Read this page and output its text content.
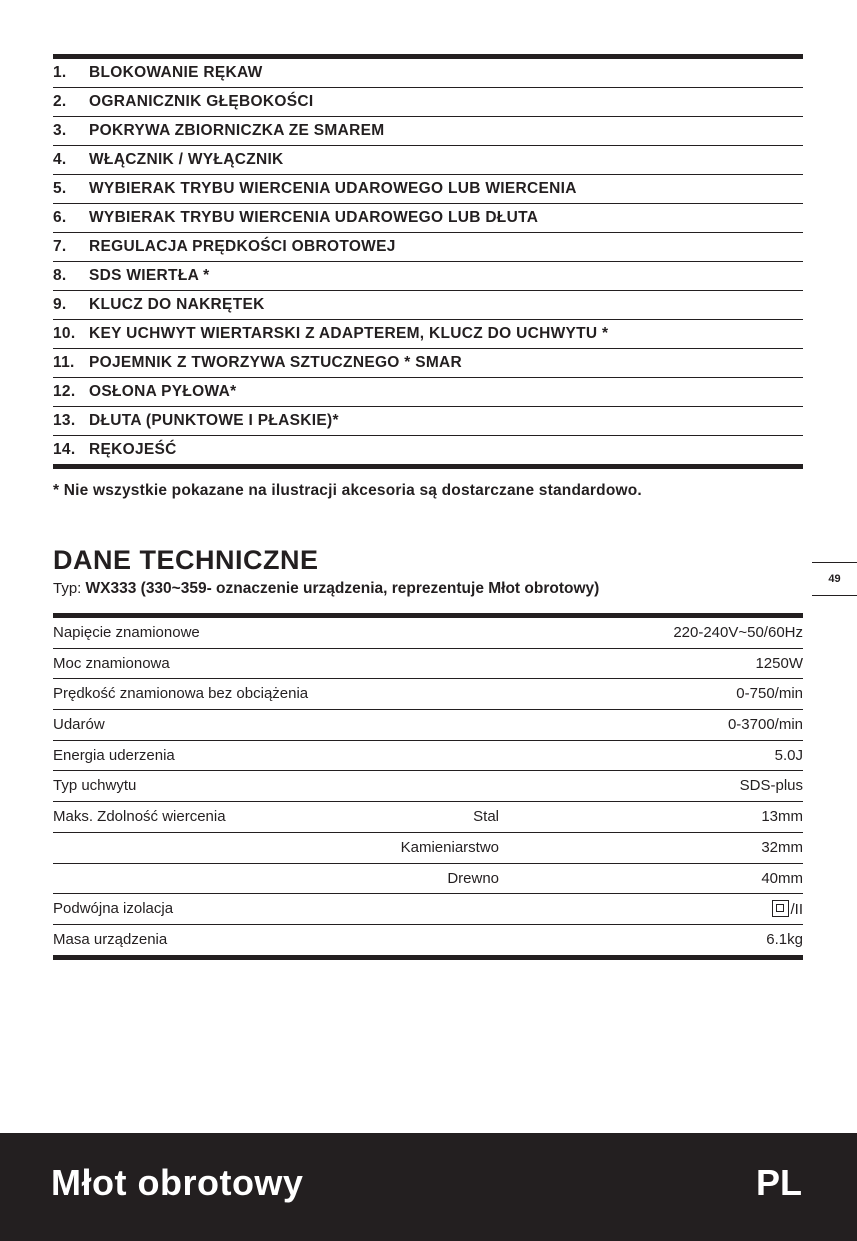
1.	BLOKOWANIE RĘKAW
2.	OGRANICZNIK GŁĘBOKOŚCI
3.	POKRYWA ZBIORNICZKA ZE SMAREM
4.	WŁĄCZNIK / WYŁĄCZNIK
5.	WYBIERAK TRYBU WIERCENIA UDAROWEGO LUB WIERCENIA
6.	WYBIERAK TRYBU WIERCENIA UDAROWEGO LUB DŁUTA
7.	REGULACJA PRĘDKOŚCI OBROTOWEJ
8.	SDS WIERTŁA *
9.	KLUCZ DO NAKRĘTEK
10. KEY UCHWYT WIERTARSKI Z ADAPTEREM, KLUCZ DO UCHWYTU *
11. POJEMNIK Z TWORZYWA SZTUCZNEGO * SMAR
12. OSŁONA PYŁOWA*
13. DŁUTA (PUNKTOWE I PŁASKIE)*
14. RĘKOJEŚĆ
* Nie wszystkie pokazane na ilustracji akcesoria są dostarczane standardowo.
DANE TECHNICZNE
Typ: WX333 (330~359- oznaczenie urządzenia, reprezentuje Młot obrotowy)
49
Napięcie znamionowe	220-240V~50/60Hz
Moc znamionowa	1250W
Prędkość znamionowa bez obciążenia	0-750/min
Udarów	0-3700/min
Energia uderzenia	5.0J
Typ uchwytu	SDS-plus
Maks. Zdolność wiercenia	Stal	13mm
Kamieniarstwo	32mm
Drewno	40mm
Podwójna izolacja	/II
Masa urządzenia	6.1kg
Młot obrotowy	PL
